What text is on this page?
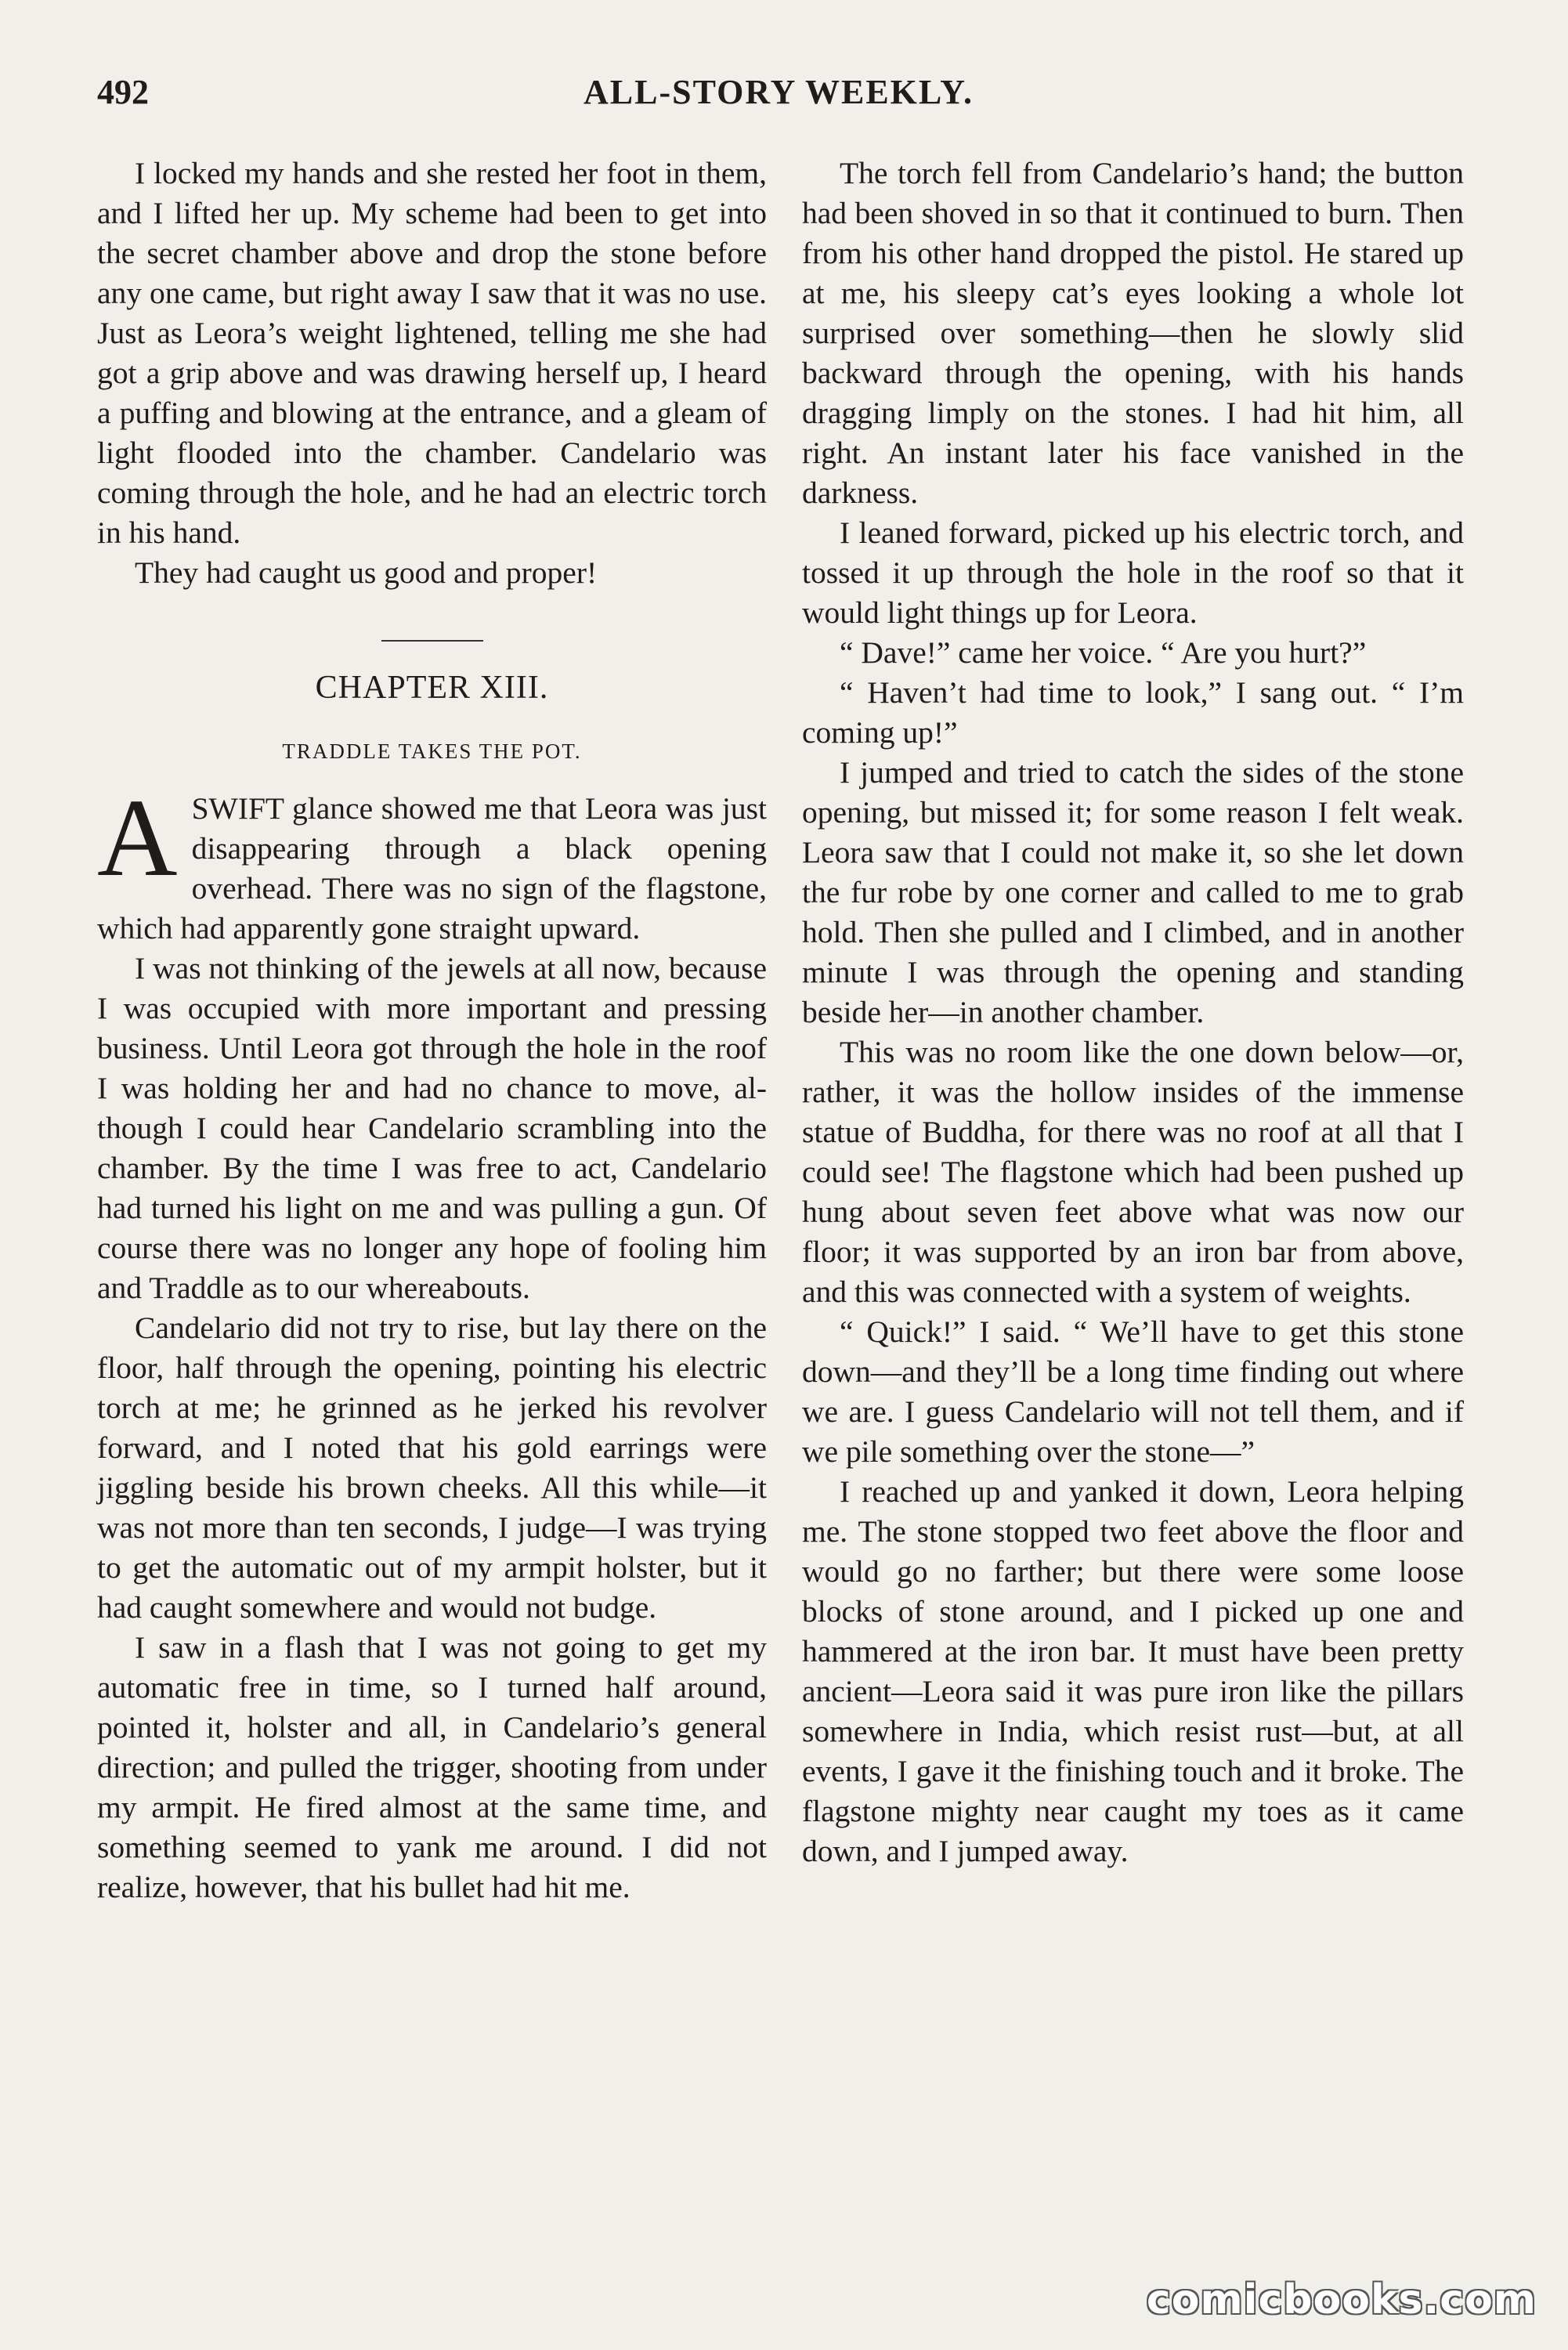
492	ALL-STORY WEEKLY.

I locked my hands and she rested her foot in them, and I lifted her up. My scheme had been to get into the secret chamber above and drop the stone before any one came, but right away I saw that it was no use. Just as Leora’s weight lightened, telling me she had got a grip above and was drawing herself up, I heard a puffing and blowing at the entrance, and a gleam of light flooded into the chamber. Candelario was coming through the hole, and he had an electric torch in his hand.

They had caught us good and proper!

CHAPTER XIII.
TRADDLE TAKES THE POT.

ASWIFT glance showed me that Leora was just disappearing through a black opening overhead. There was no sign of the flagstone, which had apparently gone straight upward.

I was not thinking of the jewels at all now, because I was occupied with more important and pressing business. Until Leora got through the hole in the roof I was holding her and had no chance to move, although I could hear Candelario scrambling into the chamber. By the time I was free to act, Candelario had turned his light on me and was pulling a gun. Of course there was no longer any hope of fooling him and Traddle as to our whereabouts.

Candelario did not try to rise, but lay there on the floor, half through the opening, pointing his electric torch at me; he grinned as he jerked his revolver forward, and I noted that his gold earrings were jiggling beside his brown cheeks. All this while—it was not more than ten seconds, I judge—I was trying to get the automatic out of my armpit holster, but it had caught somewhere and would not budge.

I saw in a flash that I was not going to get my automatic free in time, so I turned half around, pointed it, holster and all, in Candelario’s general direction; and pulled the trigger, shooting from under my armpit. He fired almost at the same time, and something seemed to yank me around. I did not realize, however, that his bullet had hit me.

The torch fell from Candelario’s hand; the button had been shoved in so that it continued to burn. Then from his other hand dropped the pistol. He stared up at me, his sleepy cat’s eyes looking a whole lot surprised over something—then he slowly slid backward through the opening, with his hands dragging limply on the stones. I had hit him, all right. An instant later his face vanished in the darkness.

I leaned forward, picked up his electric torch, and tossed it up through the hole in the roof so that it would light things up for Leora.

“ Dave!” came her voice. “ Are you hurt?”

“ Haven’t had time to look,” I sang out. “ I’m coming up!”

I jumped and tried to catch the sides of the stone opening, but missed it; for some reason I felt weak. Leora saw that I could not make it, so she let down the fur robe by one corner and called to me to grab hold. Then she pulled and I climbed, and in another minute I was through the opening and standing beside her—in another chamber.

This was no room like the one down below—or, rather, it was the hollow insides of the immense statue of Buddha, for there was no roof at all that I could see! The flagstone which had been pushed up hung about seven feet above what was now our floor; it was supported by an iron bar from above, and this was connected with a system of weights.

“ Quick!” I said. “ We’ll have to get this stone down—and they’ll be a long time finding out where we are. I guess Candelario will not tell them, and if we pile something over the stone—”

I reached up and yanked it down, Leora helping me. The stone stopped two feet above the floor and would go no farther; but there were some loose blocks of stone around, and I picked up one and hammered at the iron bar. It must have been pretty ancient—Leora said it was pure iron like the pillars somewhere in India, which resist rust—but, at all events, I gave it the finishing touch and it broke. The flagstone mighty near caught my toes as it came down, and I jumped away.

comicbooks.com
